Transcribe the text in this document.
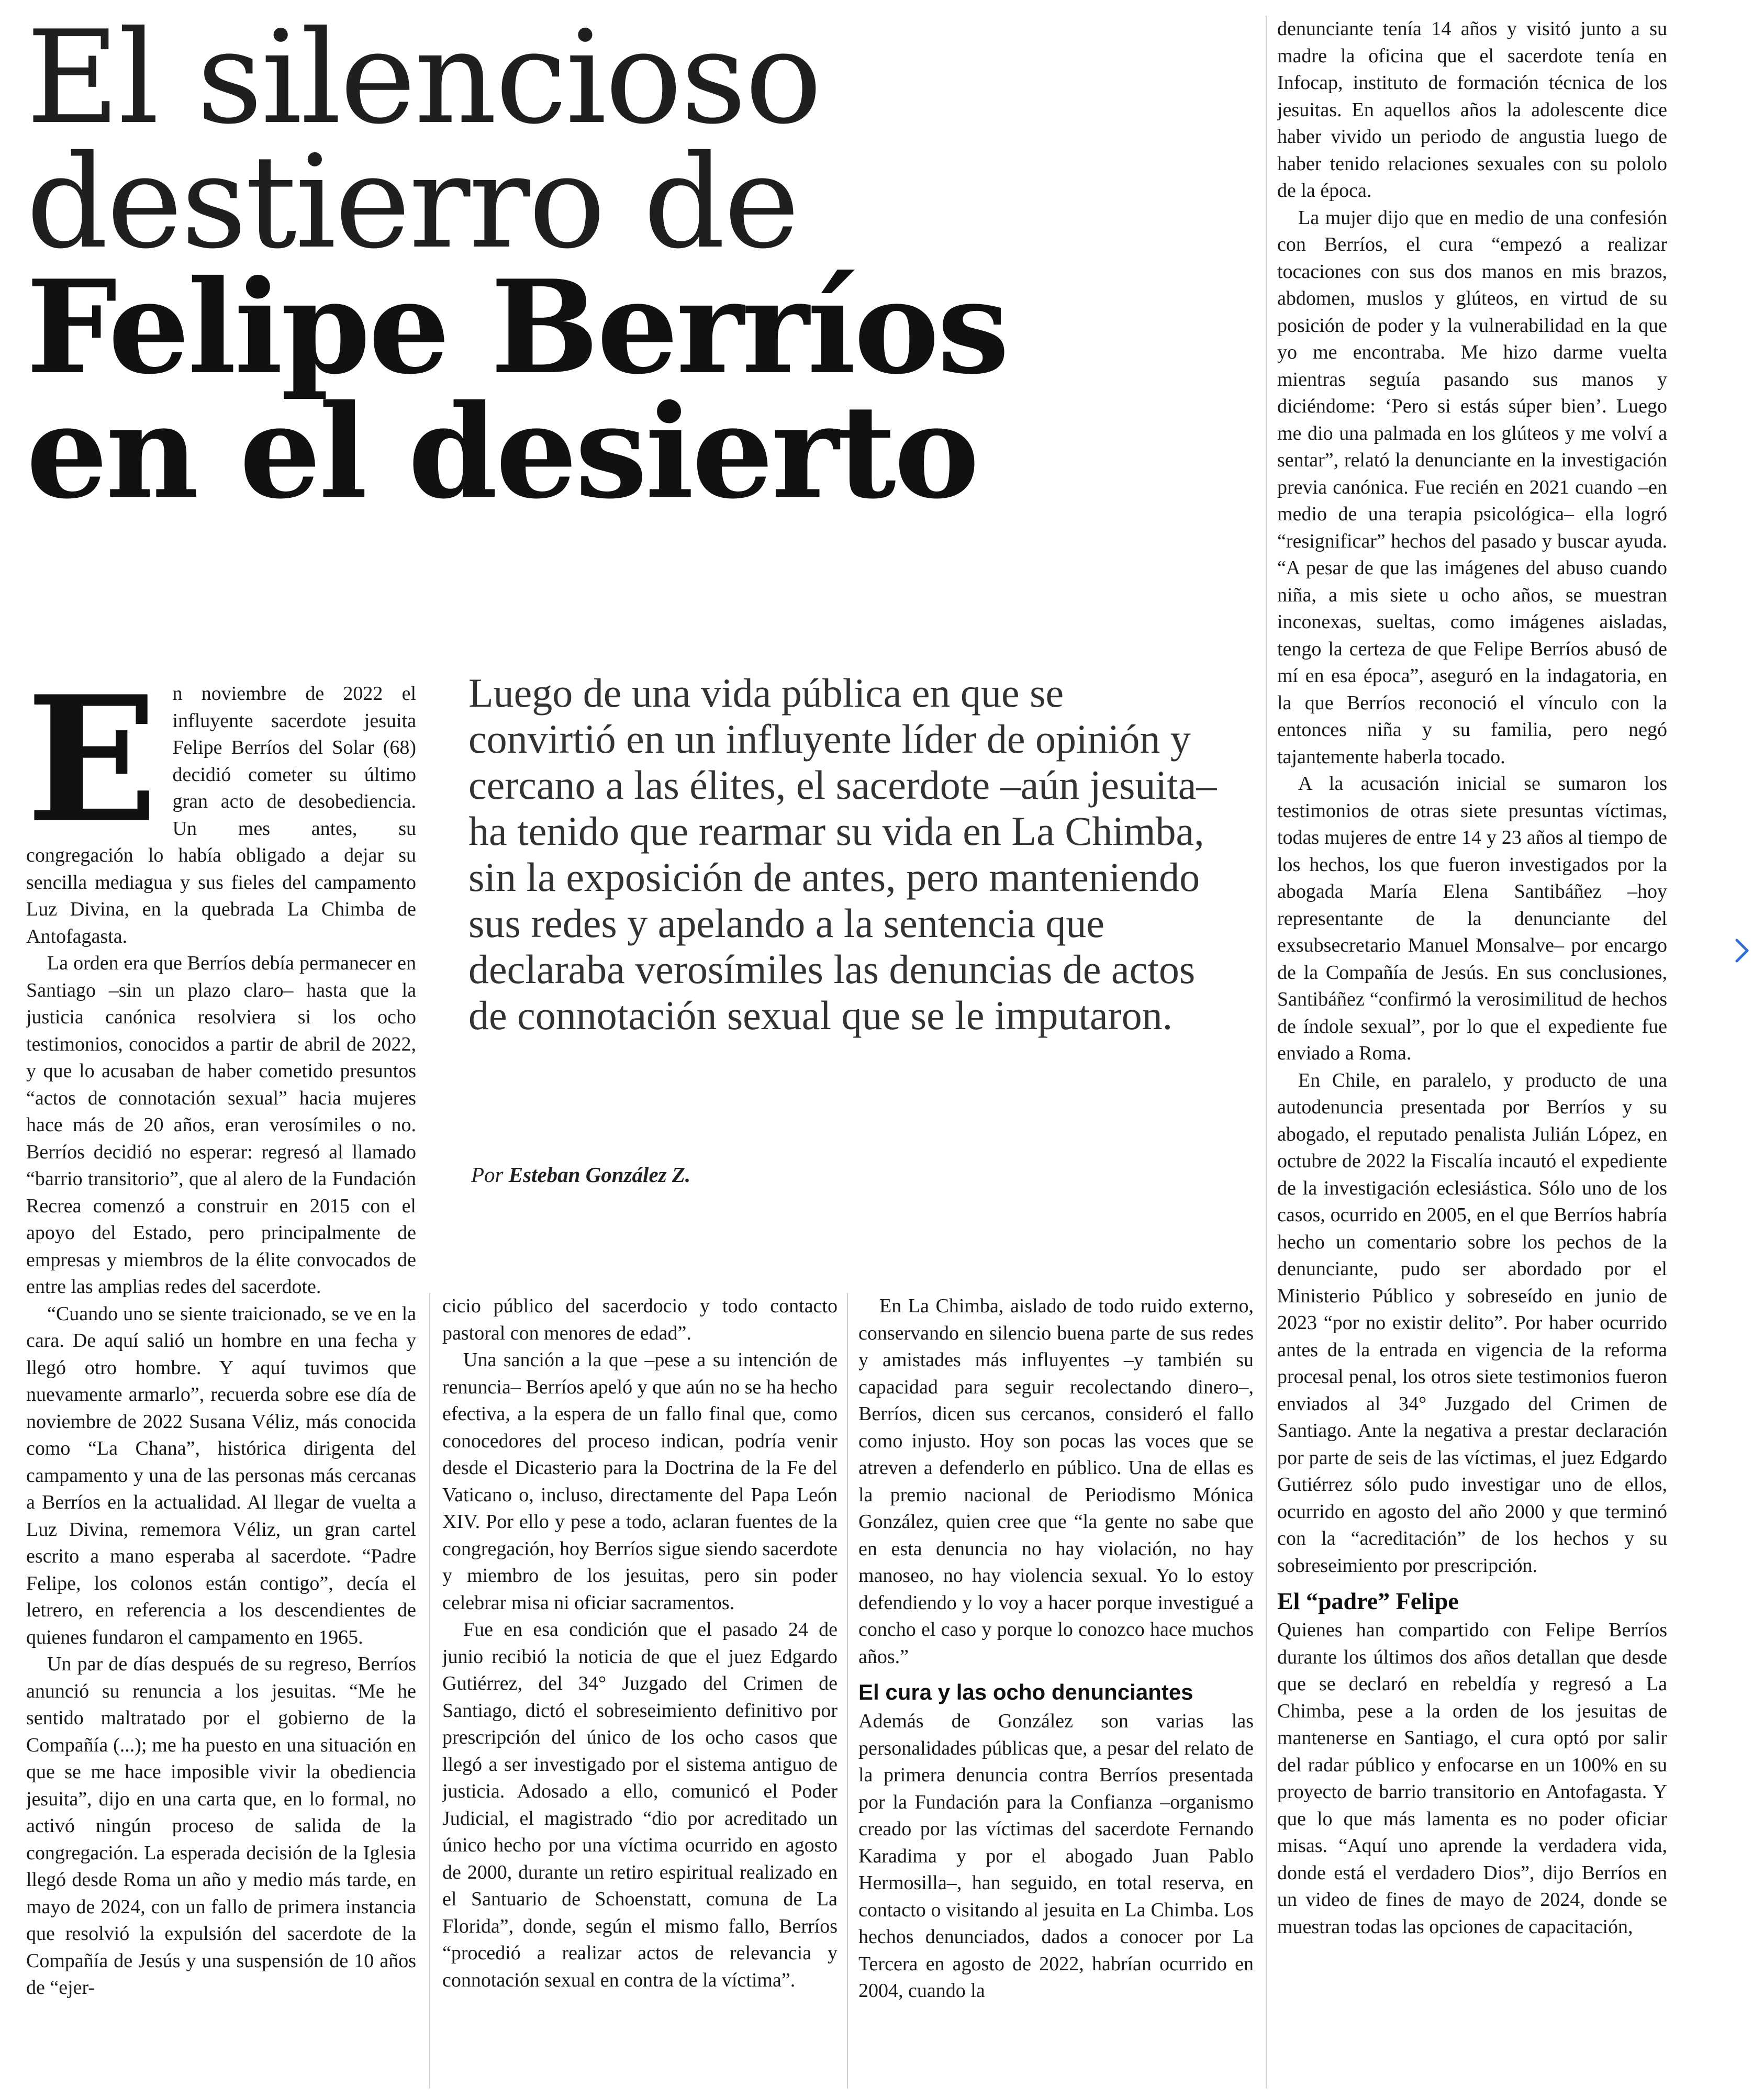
El silencioso
destierro de
Felipe Berríos
en el desierto
E n noviembre de 2022 el influyente sacerdote jesuita Felipe Berríos del Solar (68) decidió cometer su último gran acto de desobediencia. Un mes antes, su congregación lo había obligado a dejar su sencilla mediagua y sus fieles del campamento Luz Divina, en la quebrada La Chimba de Antofagasta.

La orden era que Berríos debía permanecer en Santiago –sin un plazo claro– hasta que la justicia canónica resolviera si los ocho testimonios, conocidos a partir de abril de 2022, y que lo acusaban de haber cometido presuntos “actos de connotación sexual” hacia mujeres hace más de 20 años, eran verosímiles o no. Berríos decidió no esperar: regresó al llamado “barrio transitorio”, que al alero de la Fundación Recrea comenzó a construir en 2015 con el apoyo del Estado, pero principalmente de empresas y miembros de la élite convocados de entre las amplias redes del sacerdote.

“Cuando uno se siente traicionado, se ve en la cara. De aquí salió un hombre en una fecha y llegó otro hombre. Y aquí tuvimos que nuevamente armarlo”, recuerda sobre ese día de noviembre de 2022 Susana Véliz, más conocida como “La Chana”, histórica dirigenta del campamento y una de las personas más cercanas a Berríos en la actualidad. Al llegar de vuelta a Luz Divina, rememora Véliz, un gran cartel escrito a mano esperaba al sacerdote. “Padre Felipe, los colonos están contigo”, decía el letrero, en referencia a los descendientes de quienes fundaron el campamento en 1965.

Un par de días después de su regreso, Berríos anunció su renuncia a los jesuitas. “Me he sentido maltratado por el gobierno de la Compañía (...); me ha puesto en una situación en que se me hace imposible vivir la obediencia jesuita”, dijo en una carta que, en lo formal, no activó ningún proceso de salida de la congregación. La esperada decisión de la Iglesia llegó desde Roma un año y medio más tarde, en mayo de 2024, con un fallo de primera instancia que resolvió la expulsión del sacerdote de la Compañía de Jesús y una suspensión de 10 años de “ejer-

Luego de una vida pública en que se convirtió en un influyente líder de opinión y cercano a las élites, el sacerdote –aún jesuita– ha tenido que rearmar su vida en La Chimba, sin la exposición de antes, pero manteniendo sus redes y apelando a la sentencia que declaraba verosímiles las denuncias de actos de connotación sexual que se le imputaron.

Por Esteban González Z.

cicio público del sacerdocio y todo contacto pastoral con menores de edad”.

Una sanción a la que –pese a su intención de renuncia– Berríos apeló y que aún no se ha hecho efectiva, a la espera de un fallo final que, como conocedores del proceso indican, podría venir desde el Dicasterio para la Doctrina de la Fe del Vaticano o, incluso, directamente del Papa León XIV. Por ello y pese a todo, aclaran fuentes de la congregación, hoy Berríos sigue siendo sacerdote y miembro de los jesuitas, pero sin poder celebrar misa ni oficiar sacramentos.

Fue en esa condición que el pasado 24 de junio recibió la noticia de que el juez Edgardo Gutiérrez, del 34° Juzgado del Crimen de Santiago, dictó el sobreseimiento definitivo por prescripción del único de los ocho casos que llegó a ser investigado por el sistema antiguo de justicia. Adosado a ello, comunicó el Poder Judicial, el magistrado “dio por acreditado un único hecho por una víctima ocurrido en agosto de 2000, durante un retiro espiritual realizado en el Santuario de Schoenstatt, comuna de La Florida”, donde, según el mismo fallo, Berríos “procedió a realizar actos de relevancia y connotación sexual en contra de la víctima”.

En La Chimba, aislado de todo ruido externo, conservando en silencio buena parte de sus redes y amistades más influyentes –y también su capacidad para seguir recolectando dinero–, Berríos, dicen sus cercanos, consideró el fallo como injusto. Hoy son pocas las voces que se atreven a defenderlo en público. Una de ellas es la premio nacional de Periodismo Mónica González, quien cree que “la gente no sabe que en esta denuncia no hay violación, no hay manoseo, no hay violencia sexual. Yo lo estoy defendiendo y lo voy a hacer porque investigué a concho el caso y porque lo conozco hace muchos años.”

El cura y las ocho denunciantes

Además de González son varias las personalidades públicas que, a pesar del relato de la primera denuncia contra Berríos presentada por la Fundación para la Confianza –organismo creado por las víctimas del sacerdote Fernando Karadima y por el abogado Juan Pablo Hermosilla–, han seguido, en total reserva, en contacto o visitando al jesuita en La Chimba. Los hechos denunciados, dados a conocer por La Tercera en agosto de 2022, habrían ocurrido en 2004, cuando la

denunciante tenía 14 años y visitó junto a su madre la oficina que el sacerdote tenía en Infocap, instituto de formación técnica de los jesuitas. En aquellos años la adolescente dice haber vivido un periodo de angustia luego de haber tenido relaciones sexuales con su pololo de la época.

La mujer dijo que en medio de una confesión con Berríos, el cura “empezó a realizar tocaciones con sus dos manos en mis brazos, abdomen, muslos y glúteos, en virtud de su posición de poder y la vulnerabilidad en la que yo me encontraba. Me hizo darme vuelta mientras seguía pasando sus manos y diciéndome: ‘Pero si estás súper bien’. Luego me dio una palmada en los glúteos y me volví a sentar”, relató la denunciante en la investigación previa canónica. Fue recién en 2021 cuando –en medio de una terapia psicológica– ella logró “resignificar” hechos del pasado y buscar ayuda. “A pesar de que las imágenes del abuso cuando niña, a mis siete u ocho años, se muestran inconexas, sueltas, como imágenes aisladas, tengo la certeza de que Felipe Berríos abusó de mí en esa época”, aseguró en la indagatoria, en la que Berríos reconoció el vínculo con la entonces niña y su familia, pero negó tajantemente haberla tocado.

A la acusación inicial se sumaron los testimonios de otras siete presuntas víctimas, todas mujeres de entre 14 y 23 años al tiempo de los hechos, los que fueron investigados por la abogada María Elena Santibáñez –hoy representante de la denunciante del exsubsecretario Manuel Monsalve– por encargo de la Compañía de Jesús. En sus conclusiones, Santibáñez “confirmó la verosimilitud de hechos de índole sexual”, por lo que el expediente fue enviado a Roma.

En Chile, en paralelo, y producto de una autodenuncia presentada por Berríos y su abogado, el reputado penalista Julián López, en octubre de 2022 la Fiscalía incautó el expediente de la investigación eclesiástica. Sólo uno de los casos, ocurrido en 2005, en el que Berríos habría hecho un comentario sobre los pechos de la denunciante, pudo ser abordado por el Ministerio Público y sobreseído en junio de 2023 “por no existir delito”. Por haber ocurrido antes de la entrada en vigencia de la reforma procesal penal, los otros siete testimonios fueron enviados al 34° Juzgado del Crimen de Santiago. Ante la negativa a prestar declaración por parte de seis de las víctimas, el juez Edgardo Gutiérrez sólo pudo investigar uno de ellos, ocurrido en agosto del año 2000 y que terminó con la “acreditación” de los hechos y su sobreseimiento por prescripción.

El “padre” Felipe

Quienes han compartido con Felipe Berríos durante los últimos dos años detallan que desde que se declaró en rebeldía y regresó a La Chimba, pese a la orden de los jesuitas de mantenerse en Santiago, el cura optó por salir del radar público y enfocarse en un 100% en su proyecto de barrio transitorio en Antofagasta. Y que lo que más lamenta es no poder oficiar misas. “Aquí uno aprende la verdadera vida, donde está el verdadero Dios”, dijo Berríos en un video de fines de mayo de 2024, donde se muestran todas las opciones de capacitación,
